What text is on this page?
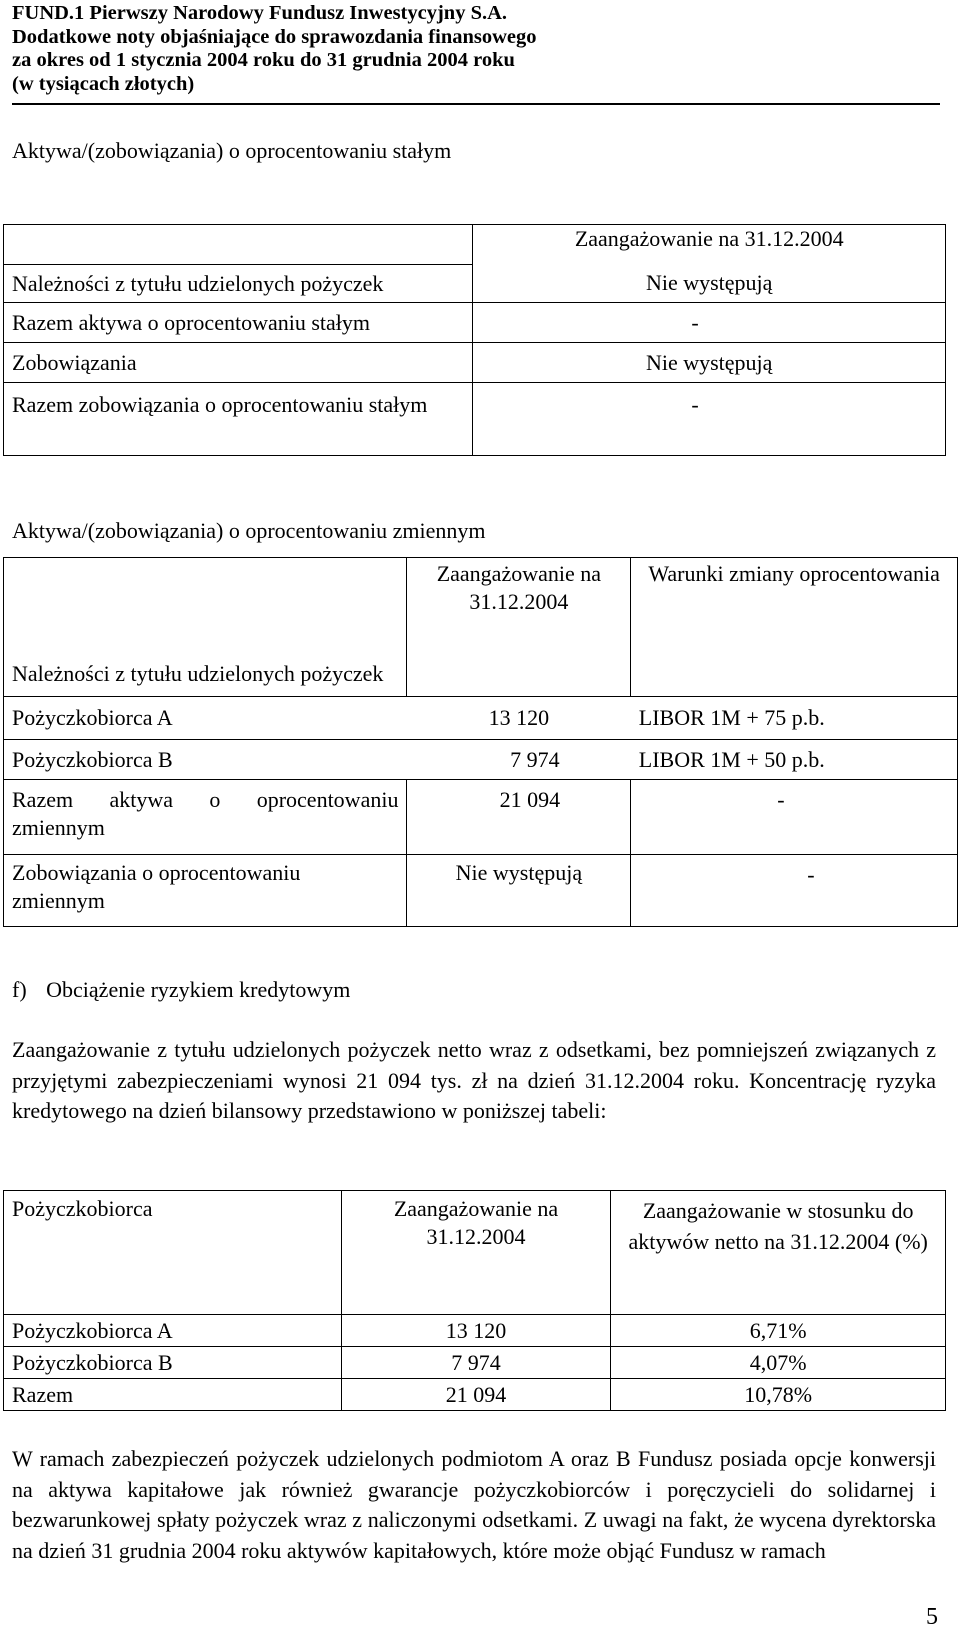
FUND.1 Pierwszy Narodowy Fundusz Inwestycyjny S.A.
Dodatkowe noty objaśniające do sprawozdania finansowego
za okres od 1 stycznia 2004 roku do 31 grudnia 2004 roku
(w tysiącach złotych)
Aktywa/(zobowiązania) o oprocentowaniu stałym
	Zaangażowanie na 31.12.2004
Należności z tytułu udzielonych pożyczek	Nie występują
Razem aktywa o oprocentowaniu stałym	-
Zobowiązania	Nie występują
Razem zobowiązania o oprocentowaniu stałym	-
Aktywa/(zobowiązania) o oprocentowaniu zmiennym
Należności z tytułu udzielonych pożyczek	Zaangażowanie na 31.12.2004	Warunki zmiany oprocentowania
Pożyczkobiorca A	13 120	LIBOR 1M + 75 p.b.
Pożyczkobiorca B	7 974	LIBOR 1M + 50 p.b.
Razem aktywa o oprocentowaniu zmiennym	21 094	-
Zobowiązania o oprocentowaniu zmiennym	Nie występują	-
f) Obciążenie ryzykiem kredytowym
Zaangażowanie z tytułu udzielonych pożyczek netto wraz z odsetkami, bez pomniejszeń związanych z przyjętymi zabezpieczeniami wynosi 21 094 tys. zł na dzień 31.12.2004 roku. Koncentrację ryzyka kredytowego na dzień bilansowy przedstawiono w poniższej tabeli:
Pożyczkobiorca	Zaangażowanie na 31.12.2004	Zaangażowanie w stosunku do aktywów netto na 31.12.2004 (%)
Pożyczkobiorca A	13 120	6,71%
Pożyczkobiorca B	7 974	4,07%
Razem	21 094	10,78%
W ramach zabezpieczeń pożyczek udzielonych podmiotom A oraz B Fundusz posiada opcje konwersji na aktywa kapitałowe jak również gwarancje pożyczkobiorców i poręczycieli do solidarnej i bezwarunkowej spłaty pożyczek wraz z naliczonymi odsetkami. Z uwagi na fakt, że wycena dyrektorska na dzień 31 grudnia 2004 roku aktywów kapitałowych, które może objąć Fundusz w ramach
5
